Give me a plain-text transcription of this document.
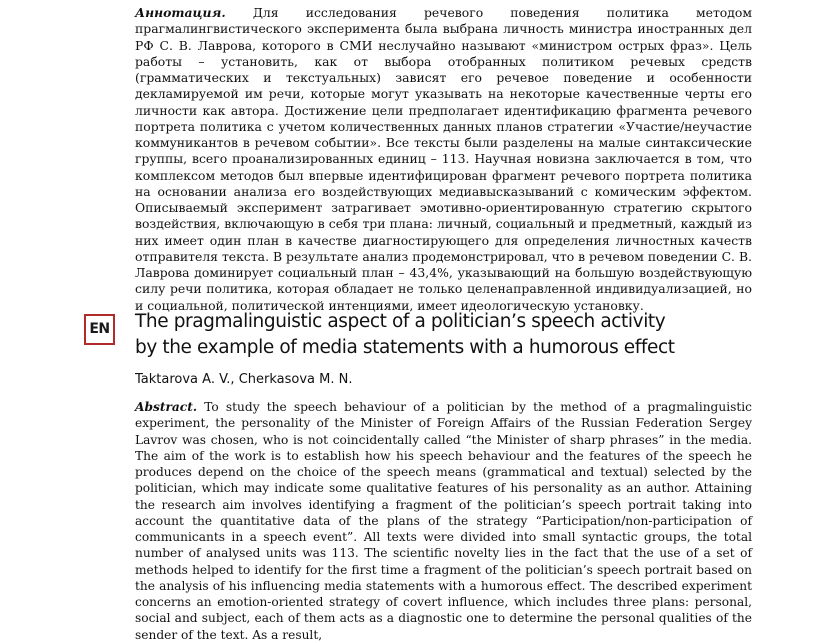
Аннотация. Для исследования речевого поведения политика методом прагмалингвистического эксперимента была выбрана личность министра иностранных дел РФ С. В. Лаврова, которого в СМИ неслучайно называют «министром острых фраз». Цель работы – установить, как от выбора отобранных политиком речевых средств (грамматических и текстуальных) зависят его речевое поведение и особенности декламируемой им речи, которые могут указывать на некоторые качественные черты его личности как автора. Достижение цели предполагает идентификацию фрагмента речевого портрета политика с учетом количественных данных планов стратегии «Участие/неучастие коммуникантов в речевом событии». Все тексты были разделены на малые синтаксические группы, всего проанализированных единиц – 113. Научная новизна заключается в том, что комплексом методов был впервые идентифицирован фрагмент речевого портрета политика на основании анализа его воздействующих медиавысказываний с комическим эффектом. Описываемый эксперимент затрагивает эмотивно-ориентированную стратегию скрытого воздействия, включающую в себя три плана: личный, социальный и предметный, каждый из них имеет один план в качестве диагностирующего для определения личностных качеств отправителя текста. В результате анализ продемонстрировал, что в речевом поведении С. В. Лаврова доминирует социальный план – 43,4%, указывающий на большую воздействующую силу речи политика, которая обладает не только целенаправленной индивидуализацией, но и социальной, политической интенциями, имеет идеологическую установку.

EN The pragmalinguistic aspect of a politician’s speech activity
by the example of media statements with a humorous effect

Taktarova A. V., Cherkasova M. N.

Abstract. To study the speech behaviour of a politician by the method of a pragmalinguistic experiment, the personality of the Minister of Foreign Affairs of the Russian Federation Sergey Lavrov was chosen, who is not coincidentally called “the Minister of sharp phrases” in the media. The aim of the work is to establish how his speech behaviour and the features of the speech he produces depend on the choice of the speech means (grammatical and textual) selected by the politician, which may indicate some qualitative features of his personality as an author. Attaining the research aim involves identifying a fragment of the politician’s speech portrait taking into account the quantitative data of the plans of the strategy “Participation/non-participation of communicants in a speech event”. All texts were divided into small syntactic groups, the total number of analysed units was 113. The scientific novelty lies in the fact that the use of a set of methods helped to identify for the first time a fragment of the politician’s speech portrait based on the analysis of his influencing media statements with a humorous effect. The described experiment concerns an emotion-oriented strategy of covert influence, which includes three plans: personal, social and subject, each of them acts as a diagnostic one to determine the personal qualities of the sender of the text. As a result,
